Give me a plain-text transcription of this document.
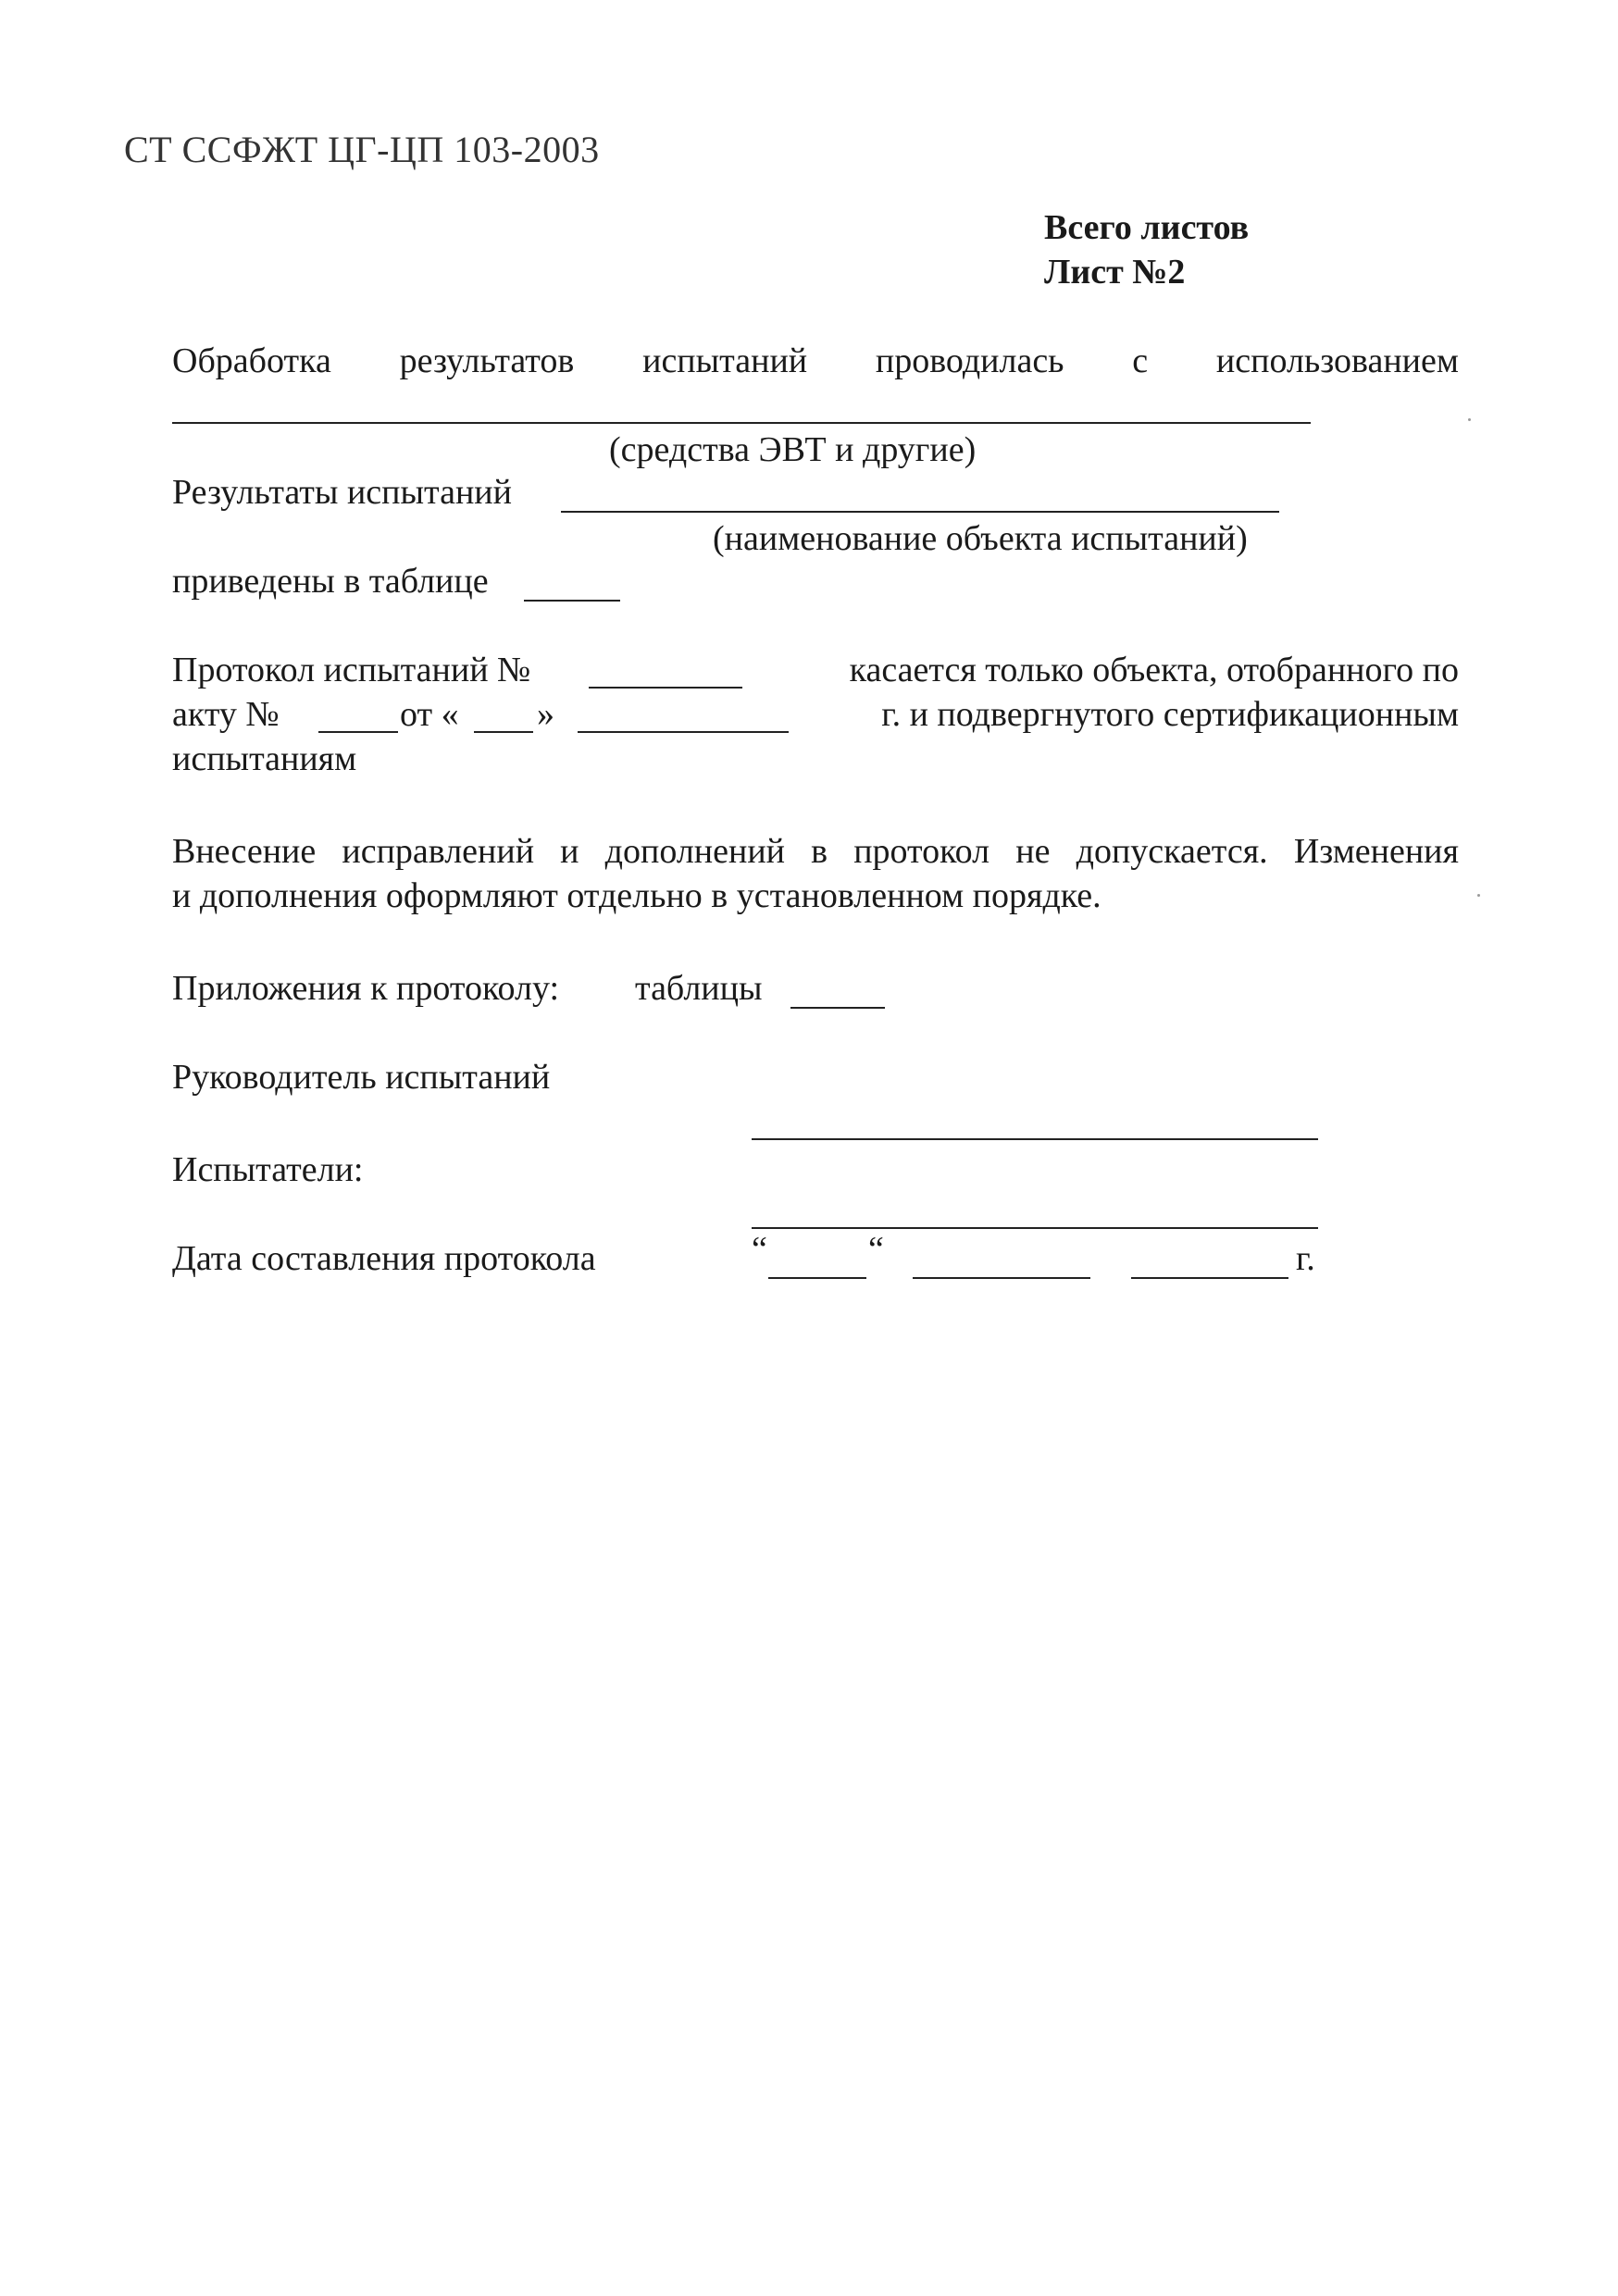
СТ ССФЖТ ЦГ-ЦП 103-2003
Всего листов
Лист №2
Обработка результатов испытаний проводилась с использованием
(средства ЭВТ и другие)
Результаты испытаний
(наименование объекта испытаний)
приведены в таблице
Протокол испытаний №	касается только объекта, отобранного по
акту №	от « »	г. и подвергнутого сертификационным
испытаниям
Внесение исправлений и дополнений в протокол не допускается. Изменения
и дополнения оформляют отдельно в установленном порядке.
Приложения к протоколу: таблицы
Руководитель испытаний
Испытатели:
Дата составления протокола	“	“	г.
